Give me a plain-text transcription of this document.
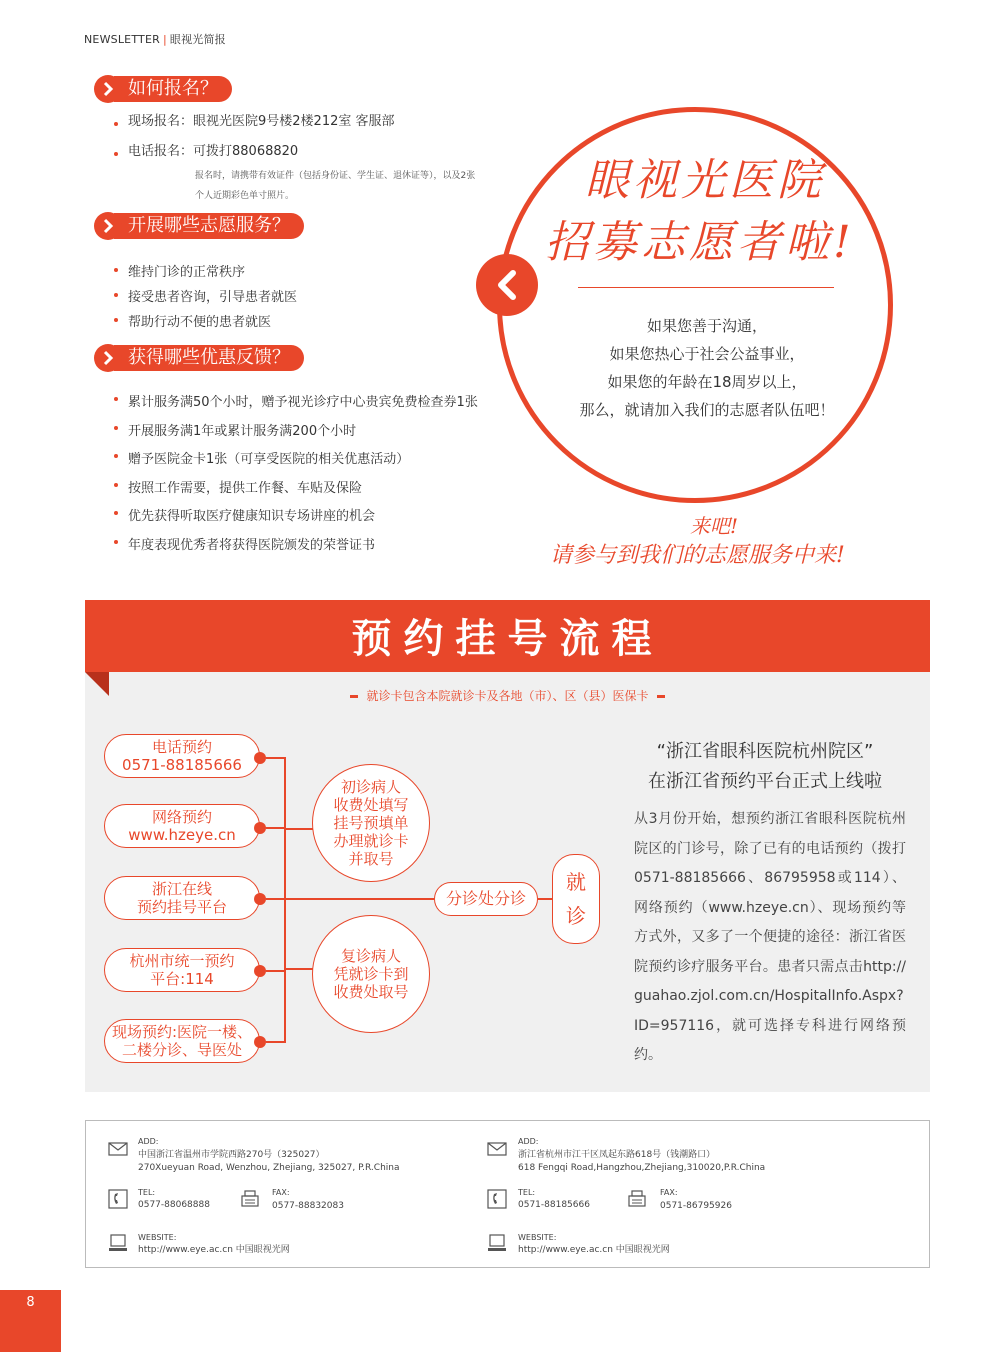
NEWSLETTER | 眼视光简报
如何报名？
现场报名：眼视光医院9号楼2楼212室 客服部
电话报名：可拨打88068820
报名时，请携带有效证件（包括身份证、学生证、退休证等），以及2张
个人近期彩色单寸照片。
开展哪些志愿服务？
维持门诊的正常秩序
接受患者咨询，引导患者就医
帮助行动不便的患者就医
获得哪些优惠反馈？
累计服务满50个小时，赠予视光诊疗中心贵宾免费检查券1张
开展服务满1年或累计服务满200个小时
赠予医院金卡1张（可享受医院的相关优惠活动）
按照工作需要，提供工作餐、车贴及保险
优先获得听取医疗健康知识专场讲座的机会
年度表现优秀者将获得医院颁发的荣誉证书
眼视光医院
招募志愿者啦!
如果您善于沟通，
如果您热心于社会公益事业，
如果您的年龄在18周岁以上，
那么，就请加入我们的志愿者队伍吧！
来吧!
请参与到我们的志愿服务中来!
预约挂号流程
就诊卡包含本院就诊卡及各地（市）、区（县）医保卡
电话预约
0571-88185666
网络预约
www.hzeye.cn
浙江在线
预约挂号平台
杭州市统一预约
平台:114
现场预约:医院一楼、
二楼分诊、导医处
初诊病人
收费处填写
挂号预填单
办理就诊卡
并取号
复诊病人
凭就诊卡到
收费处取号
分诊处分诊
就
诊
“浙江省眼科医院杭州院区”
在浙江省预约平台正式上线啦
从3月份开始，想预约浙江省眼科医院杭州院区的门诊号，除了已有的电话预约（拨打0571-88185666、86795958或114）、网络预约（www.hzeye.cn）、现场预约等方式外，又多了一个便捷的途径：浙江省医院预约诊疗服务平台。患者只需点击http://guahao.zjol.com.cn/HospitalInfo.Aspx?ID=957116，就可选择专科进行网络预约。
ADD:
中国浙江省温州市学院西路270号（325027）
270Xueyuan Road, Wenzhou, Zhejiang, 325027, P.R.China
TEL:
0577-88068888
FAX:
0577-88832083
WEBSITE:
http://www.eye.ac.cn 中国眼视光网
ADD:
浙江省杭州市江干区凤起东路618号（钱潮路口）
618 Fengqi Road,Hangzhou,Zhejiang,310020,P.R.China
TEL:
0571-88185666
FAX:
0571-86795926
WEBSITE:
http://www.eye.ac.cn 中国眼视光网
8
